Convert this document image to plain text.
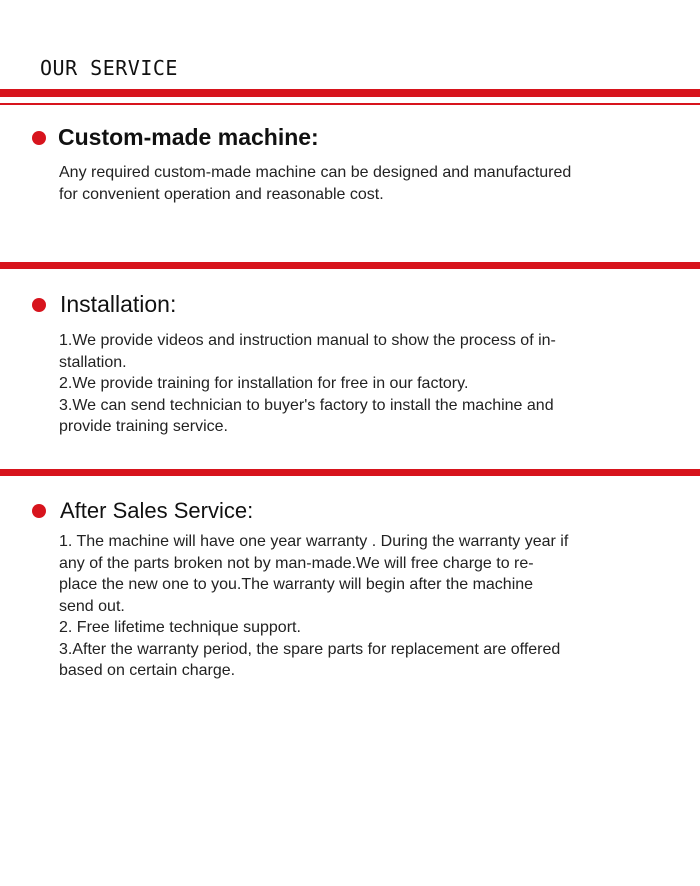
OUR SERVICE
Custom-made machine:

Any required custom-made machine can be designed and manufactured

for convenient operation and reasonable cost.

Installation:

1.We provide videos and instruction manual to show the process of in-

stallation.

2.We provide training for installation for free in our factory.

3.We can send technician to buyer's factory to install the machine and

provide training service.

After Sales Service:

1. The machine will have one year warranty . During the warranty year if

any of the parts broken not by man-made.We will free charge to re-

place the new one to you.The warranty will begin after the machine

send out.

2. Free lifetime technique support.

3.After the warranty period, the spare parts for replacement are offered

based on certain charge.
